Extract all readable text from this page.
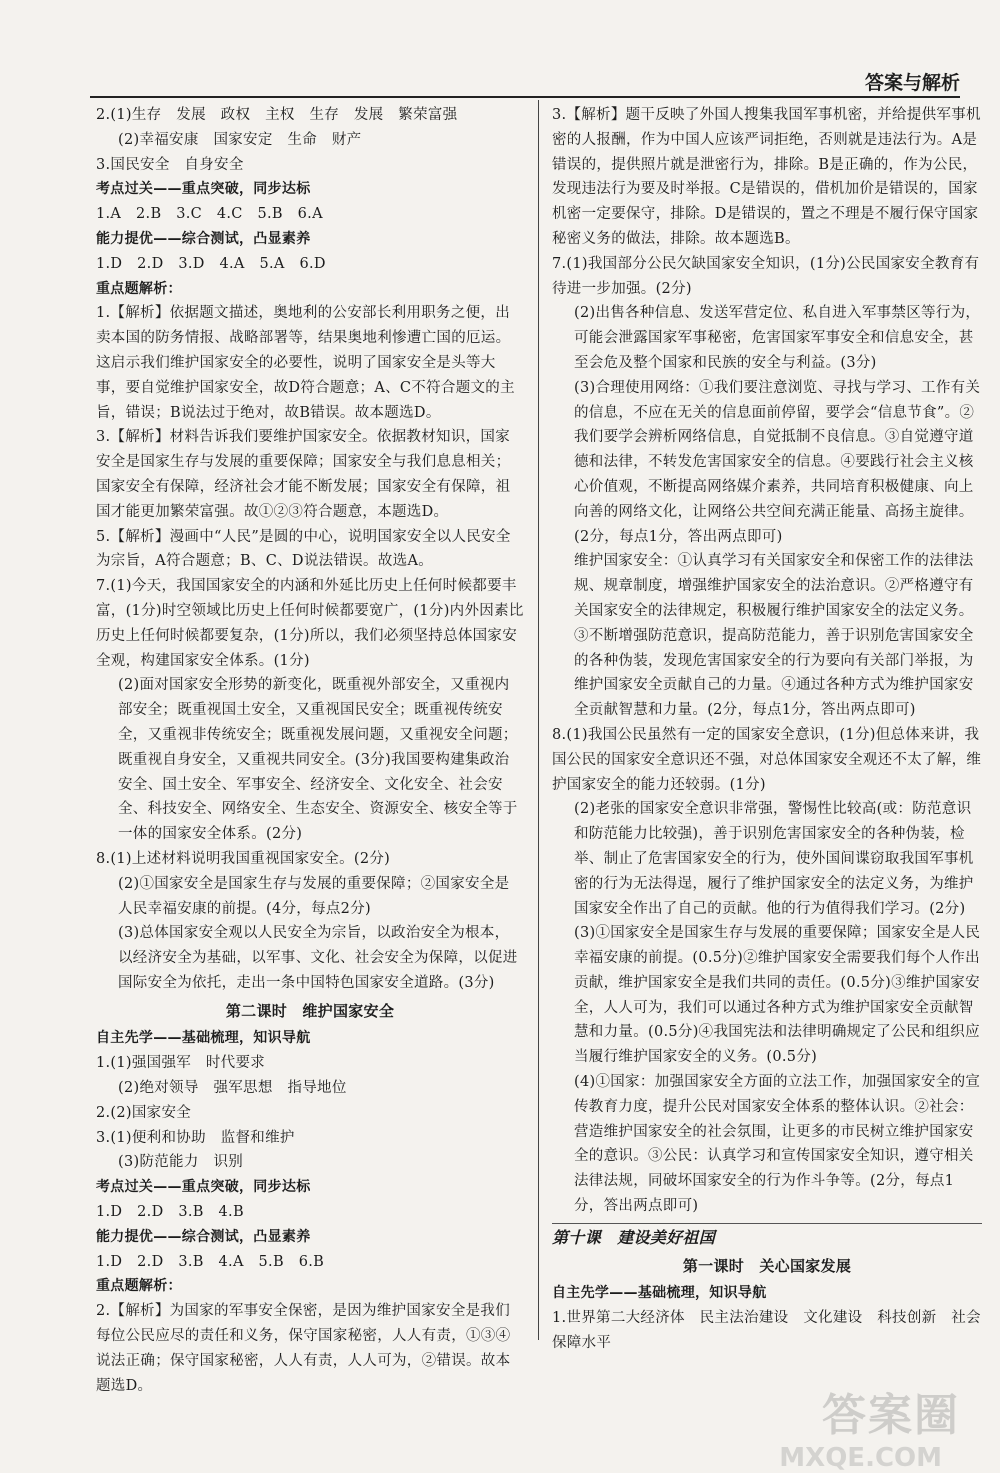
答案与解析

2.(1)生存　发展　政权　主权　生存　发展　繁荣富强

(2)幸福安康　国家安定　生命　财产

3.国民安全　自身安全

考点过关——重点突破，同步达标

1.A　2.B　3.C　4.C　5.B　6.A

能力提优——综合测试，凸显素养

1.D　2.D　3.D　4.A　5.A　6.D

重点题解析：

1.【解析】依据题文描述，奥地利的公安部长利用职务之便，出卖本国的防务情报、战略部署等，结果奥地利惨遭亡国的厄运。这启示我们维护国家安全的必要性，说明了国家安全是头等大事，要自觉维护国家安全，故D符合题意；A、C不符合题文的主旨，错误；B说法过于绝对，故B错误。故本题选D。

3.【解析】材料告诉我们要维护国家安全。依据教材知识，国家安全是国家生存与发展的重要保障；国家安全与我们息息相关；国家安全有保障，经济社会才能不断发展；国家安全有保障，祖国才能更加繁荣富强。故①②③符合题意，本题选D。

5.【解析】漫画中“人民”是圆的中心，说明国家安全以人民安全为宗旨，A符合题意；B、C、D说法错误。故选A。

7.(1)今天，我国国家安全的内涵和外延比历史上任何时候都要丰富，(1分)时空领域比历史上任何时候都要宽广，(1分)内外因素比历史上任何时候都要复杂，(1分)所以，我们必须坚持总体国家安全观，构建国家安全体系。(1分)

(2)面对国家安全形势的新变化，既重视外部安全，又重视内部安全；既重视国土安全，又重视国民安全；既重视传统安全，又重视非传统安全；既重视发展问题，又重视安全问题；既重视自身安全，又重视共同安全。(3分)我国要构建集政治安全、国土安全、军事安全、经济安全、文化安全、社会安全、科技安全、网络安全、生态安全、资源安全、核安全等于一体的国家安全体系。(2分)

8.(1)上述材料说明我国重视国家安全。(2分)

(2)①国家安全是国家生存与发展的重要保障；②国家安全是人民幸福安康的前提。(4分，每点2分)

(3)总体国家安全观以人民安全为宗旨，以政治安全为根本，以经济安全为基础，以军事、文化、社会安全为保障，以促进国际安全为依托，走出一条中国特色国家安全道路。(3分)

第二课时　维护国家安全

自主先学——基础梳理，知识导航

1.(1)强国强军　时代要求

(2)绝对领导　强军思想　指导地位

2.(2)国家安全

3.(1)便利和协助　监督和维护

(3)防范能力　识别

考点过关——重点突破，同步达标

1.D　2.D　3.B　4.B

能力提优——综合测试，凸显素养

1.D　2.D　3.B　4.A　5.B　6.B

重点题解析：

2.【解析】为国家的军事安全保密，是因为维护国家安全是我们每位公民应尽的责任和义务，保守国家秘密，人人有责，①③④说法正确；保守国家秘密，人人有责，人人可为，②错误。故本题选D。

3.【解析】题干反映了外国人搜集我国军事机密，并给提供军事机密的人报酬，作为中国人应该严词拒绝，否则就是违法行为。A是错误的，提供照片就是泄密行为，排除。B是正确的，作为公民，发现违法行为要及时举报。C是错误的，借机加价是错误的，国家机密一定要保守，排除。D是错误的，置之不理是不履行保守国家秘密义务的做法，排除。故本题选B。

7.(1)我国部分公民欠缺国家安全知识，(1分)公民国家安全教育有待进一步加强。(2分)

(2)出售各种信息、发送军营定位、私自进入军事禁区等行为，可能会泄露国家军事秘密，危害国家军事安全和信息安全，甚至会危及整个国家和民族的安全与利益。(3分)

(3)合理使用网络：①我们要注意浏览、寻找与学习、工作有关的信息，不应在无关的信息面前停留，要学会“信息节食”。②我们要学会辨析网络信息，自觉抵制不良信息。③自觉遵守道德和法律，不转发危害国家安全的信息。④要践行社会主义核心价值观，不断提高网络媒介素养，共同培育积极健康、向上向善的网络文化，让网络公共空间充满正能量、高扬主旋律。(2分，每点1分，答出两点即可)

维护国家安全：①认真学习有关国家安全和保密工作的法律法规、规章制度，增强维护国家安全的法治意识。②严格遵守有关国家安全的法律规定，积极履行维护国家安全的法定义务。③不断增强防范意识，提高防范能力，善于识别危害国家安全的各种伪装，发现危害国家安全的行为要向有关部门举报，为维护国家安全贡献自己的力量。④通过各种方式为维护国家安全贡献智慧和力量。(2分，每点1分，答出两点即可)

8.(1)我国公民虽然有一定的国家安全意识，(1分)但总体来讲，我国公民的国家安全意识还不强，对总体国家安全观还不太了解，维护国家安全的能力还较弱。(1分)

(2)老张的国家安全意识非常强，警惕性比较高(或：防范意识和防范能力比较强)，善于识别危害国家安全的各种伪装，检举、制止了危害国家安全的行为，使外国间谍窃取我国军事机密的行为无法得逞，履行了维护国家安全的法定义务，为维护国家安全作出了自己的贡献。他的行为值得我们学习。(2分)

(3)①国家安全是国家生存与发展的重要保障；国家安全是人民幸福安康的前提。(0.5分)②维护国家安全需要我们每个人作出贡献，维护国家安全是我们共同的责任。(0.5分)③维护国家安全，人人可为，我们可以通过各种方式为维护国家安全贡献智慧和力量。(0.5分)④我国宪法和法律明确规定了公民和组织应当履行维护国家安全的义务。(0.5分)

(4)①国家：加强国家安全方面的立法工作，加强国家安全的宣传教育力度，提升公民对国家安全体系的整体认识。②社会：营造维护国家安全的社会氛围，让更多的市民树立维护国家安全的意识。③公民：认真学习和宣传国家安全知识，遵守相关法律法规，同破坏国家安全的行为作斗争等。(2分，每点1分，答出两点即可)

第十课　建设美好祖国

第一课时　关心国家发展

自主先学——基础梳理，知识导航

1.世界第二大经济体　民主法治建设　文化建设　科技创新　社会保障水平

答案圈
MXQE.COM
